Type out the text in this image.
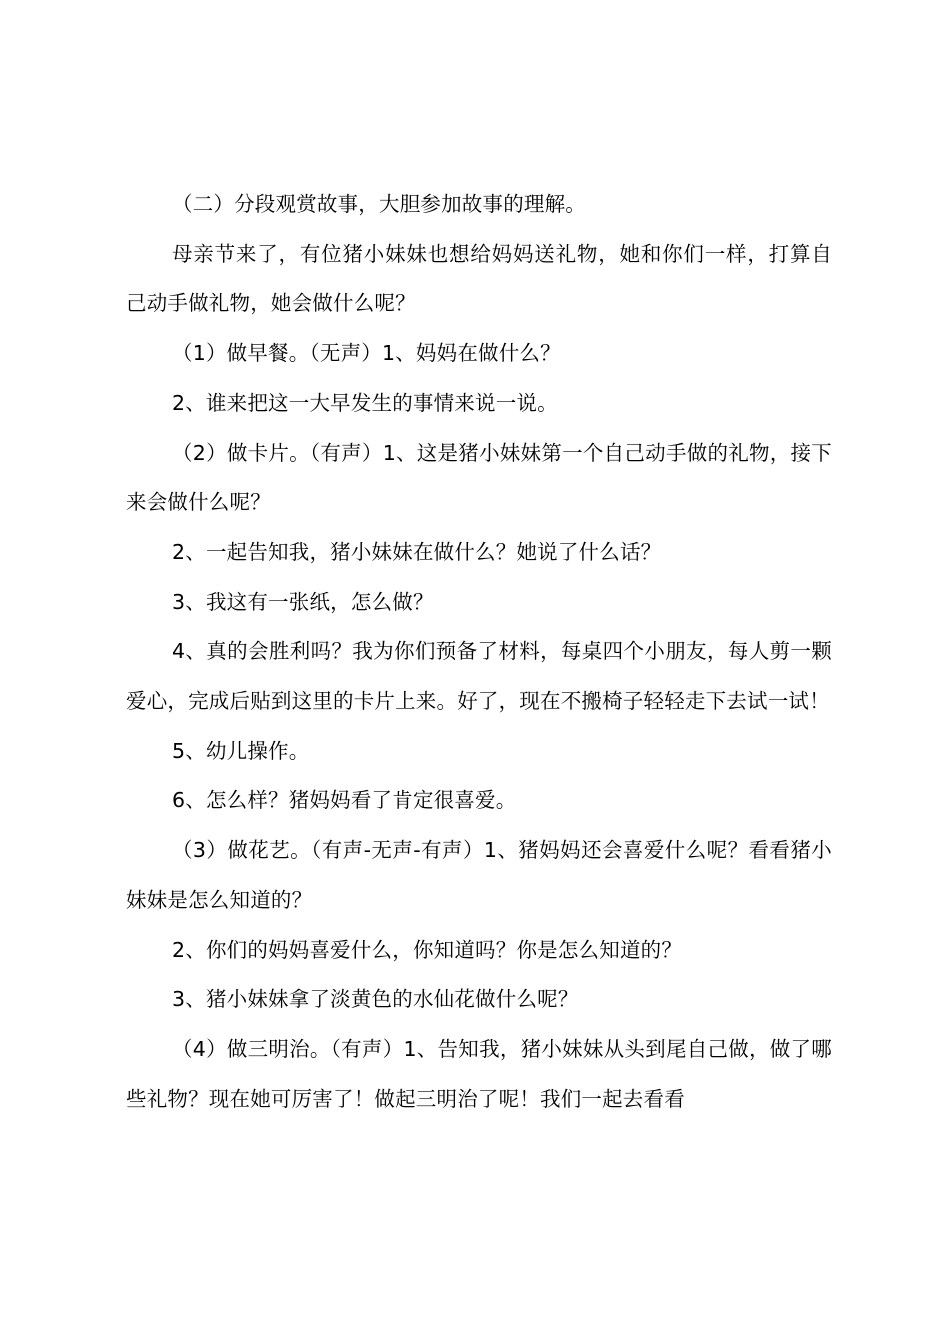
（二）分段观赏故事，大胆参加故事的理解。

母亲节来了，有位猪小妹妹也想给妈妈送礼物，她和你们一样，打算自己动手做礼物，她会做什么呢？

（1）做早餐。（无声）1、妈妈在做什么？

2、谁来把这一大早发生的事情来说一说。

（2）做卡片。（有声）1、这是猪小妹妹第一个自己动手做的礼物，接下来会做什么呢？

2、一起告知我，猪小妹妹在做什么？她说了什么话？

3、我这有一张纸，怎么做？

4、真的会胜利吗？我为你们预备了材料，每桌四个小朋友，每人剪一颗爱心，完成后贴到这里的卡片上来。好了，现在不搬椅子轻轻走下去试一试！

5、幼儿操作。

6、怎么样？猪妈妈看了肯定很喜爱。

（3）做花艺。（有声-无声-有声）1、猪妈妈还会喜爱什么呢？看看猪小妹妹是怎么知道的？

2、你们的妈妈喜爱什么，你知道吗？你是怎么知道的？

3、猪小妹妹拿了淡黄色的水仙花做什么呢？

（4）做三明治。（有声）1、告知我，猪小妹妹从头到尾自己做，做了哪些礼物？现在她可厉害了！做起三明治了呢！我们一起去看看
